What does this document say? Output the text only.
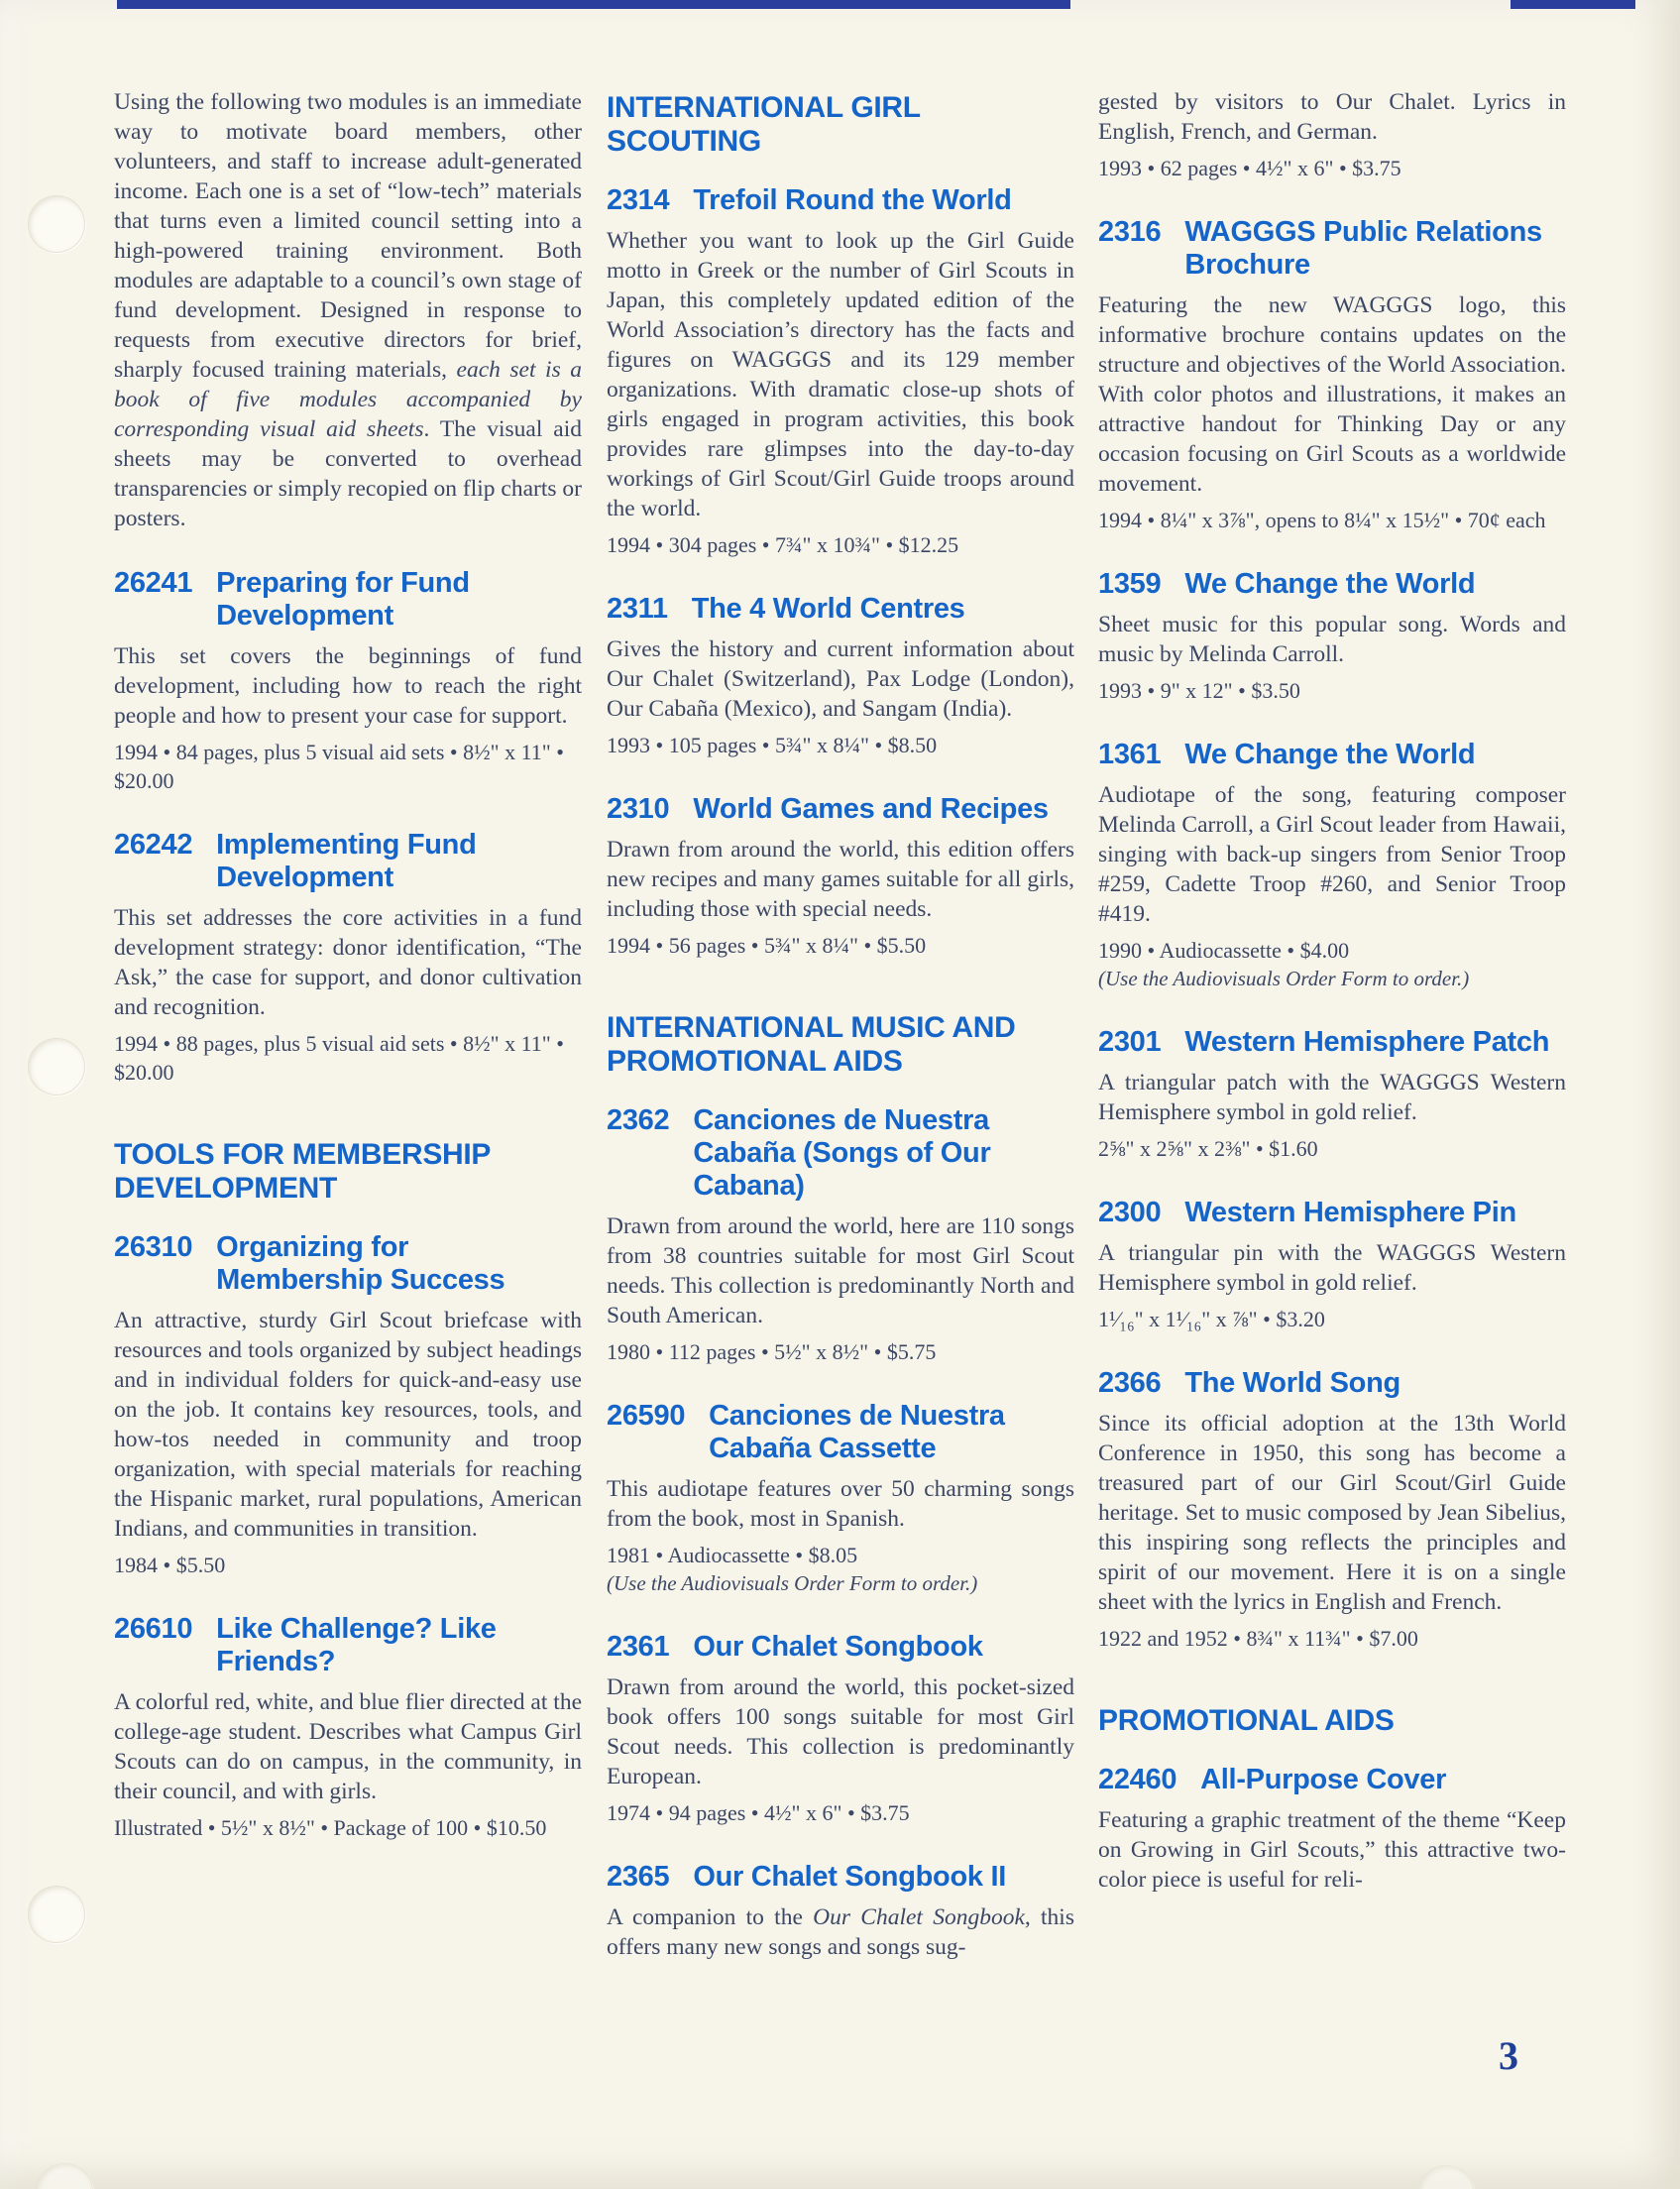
Using the following two modules is an immediate way to motivate board members, other volunteers, and staff to increase adult-generated income. Each one is a set of “low-tech” materials that turns even a limited council setting into a high-powered training environment. Both modules are adaptable to a council’s own stage of fund development. Designed in response to requests from executive directors for brief, sharply focused training materials, each set is a book of five modules accompanied by corresponding visual aid sheets. The visual aid sheets may be converted to overhead transparencies or simply recopied on flip charts or posters.

26241 Preparing for Fund Development

This set covers the beginnings of fund development, including how to reach the right people and how to present your case for support.

1994 • 84 pages, plus 5 visual aid sets • 8½" x 11" • $20.00

26242 Implementing Fund Development

This set addresses the core activities in a fund development strategy: donor identification, “The Ask,” the case for support, and donor cultivation and recognition.

1994 • 88 pages, plus 5 visual aid sets • 8½" x 11" • $20.00

TOOLS FOR MEMBERSHIP DEVELOPMENT
26310 Organizing for Membership Success

An attractive, sturdy Girl Scout briefcase with resources and tools organized by subject headings and in individual folders for quick-and-easy use on the job. It contains key resources, tools, and how-tos needed in community and troop organization, with special materials for reaching the Hispanic market, rural populations, American Indians, and communities in transition.

1984 • $5.50

26610 Like Challenge? Like Friends?

A colorful red, white, and blue flier directed at the college-age student. Describes what Campus Girl Scouts can do on campus, in the community, in their council, and with girls.

Illustrated • 5½" x 8½" • Package of 100 • $10.50

INTERNATIONAL GIRL SCOUTING
2314 Trefoil Round the World

Whether you want to look up the Girl Guide motto in Greek or the number of Girl Scouts in Japan, this completely updated edition of the World Association’s directory has the facts and figures on WAGGGS and its 129 member organizations. With dramatic close-up shots of girls engaged in program activities, this book provides rare glimpses into the day-to-day workings of Girl Scout/Girl Guide troops around the world.

1994 • 304 pages • 7¾" x 10¾" • $12.25

2311 The 4 World Centres

Gives the history and current information about Our Chalet (Switzerland), Pax Lodge (London), Our Cabaña (Mexico), and Sangam (India).

1993 • 105 pages • 5¾" x 8¼" • $8.50

2310 World Games and Recipes

Drawn from around the world, this edition offers new recipes and many games suitable for all girls, including those with special needs.

1994 • 56 pages • 5¾" x 8¼" • $5.50

INTERNATIONAL MUSIC AND PROMOTIONAL AIDS
2362 Canciones de Nuestra Cabaña (Songs of Our Cabana)

Drawn from around the world, here are 110 songs from 38 countries suitable for most Girl Scout needs. This collection is predominantly North and South American.

1980 • 112 pages • 5½" x 8½" • $5.75

26590 Canciones de Nuestra Cabaña Cassette

This audiotape features over 50 charming songs from the book, most in Spanish.

1981 • Audiocassette • $8.05

(Use the Audiovisuals Order Form to order.)

2361 Our Chalet Songbook

Drawn from around the world, this pocket-sized book offers 100 songs suitable for most Girl Scout needs. This collection is predominantly European.

1974 • 94 pages • 4½" x 6" • $3.75

2365 Our Chalet Songbook II

A companion to the Our Chalet Songbook, this offers many new songs and songs sug-

gested by visitors to Our Chalet. Lyrics in English, French, and German.

1993 • 62 pages • 4½" x 6" • $3.75

2316 WAGGGS Public Relations Brochure

Featuring the new WAGGGS logo, this informative brochure contains updates on the structure and objectives of the World Association. With color photos and illustrations, it makes an attractive handout for Thinking Day or any occasion focusing on Girl Scouts as a worldwide movement.

1994 • 8¼" x 3⅞", opens to 8¼" x 15½" • 70¢ each

1359 We Change the World

Sheet music for this popular song. Words and music by Melinda Carroll.

1993 • 9" x 12" • $3.50

1361 We Change the World

Audiotape of the song, featuring composer Melinda Carroll, a Girl Scout leader from Hawaii, singing with back-up singers from Senior Troop #259, Cadette Troop #260, and Senior Troop #419.

1990 • Audiocassette • $4.00

(Use the Audiovisuals Order Form to order.)

2301 Western Hemisphere Patch

A triangular patch with the WAGGGS Western Hemisphere symbol in gold relief.

2⅝" x 2⅝" x 2⅜" • $1.60

2300 Western Hemisphere Pin

A triangular pin with the WAGGGS Western Hemisphere symbol in gold relief.

1¹⁄₁₆" x 1¹⁄₁₆" x ⅞" • $3.20

2366 The World Song

Since its official adoption at the 13th World Conference in 1950, this song has become a treasured part of our Girl Scout/Girl Guide heritage. Set to music composed by Jean Sibelius, this inspiring song reflects the principles and spirit of our movement. Here it is on a single sheet with the lyrics in English and French.

1922 and 1952 • 8¾" x 11¾" • $7.00

PROMOTIONAL AIDS
22460 All-Purpose Cover

Featuring a graphic treatment of the theme “Keep on Growing in Girl Scouts,” this attractive two-color piece is useful for reli-

3
